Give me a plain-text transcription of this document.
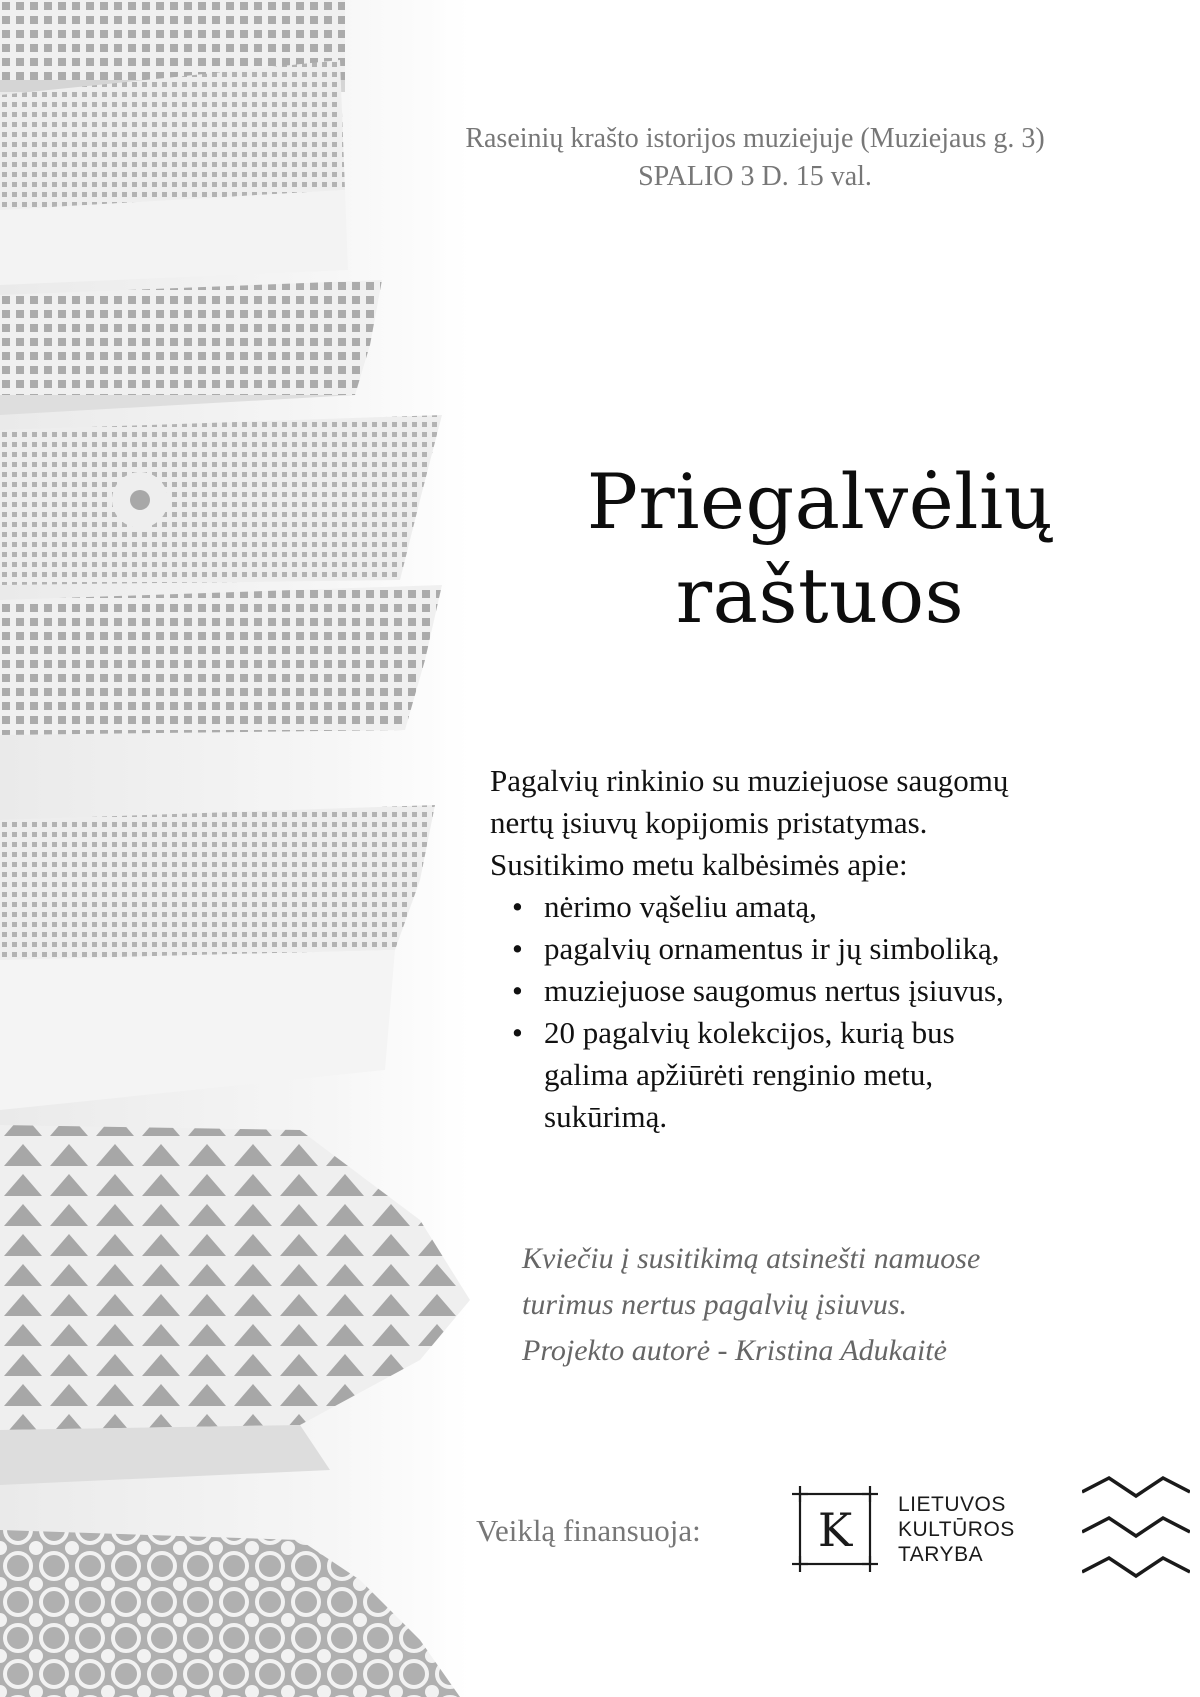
Raseinių krašto istorijos muziejuje (Muziejaus g. 3)
SPALIO 3 D. 15 val.
Priegalvėlių
raštuos

Pagalvių rinkinio su muziejuose saugomų

nertų įsiuvų kopijomis pristatymas.

Susitikimo metu kalbėsimės apie:

• nėrimo vąšeliu amatą,
• pagalvių ornamentus ir jų simboliką,
• muziejuose saugomus nertus įsiuvus,
• 20 pagalvių kolekcijos, kurią bus
galima apžiūrėti renginio metu,
sukūrimą.
Kviečiu į susitikimą atsinešti namuose
turimus nertus pagalvių įsiuvus.
Projekto autorė - Kristina Adukaitė
Veiklą finansuoja:	K LIETUVOS
KULTŪROS
TARYBA
